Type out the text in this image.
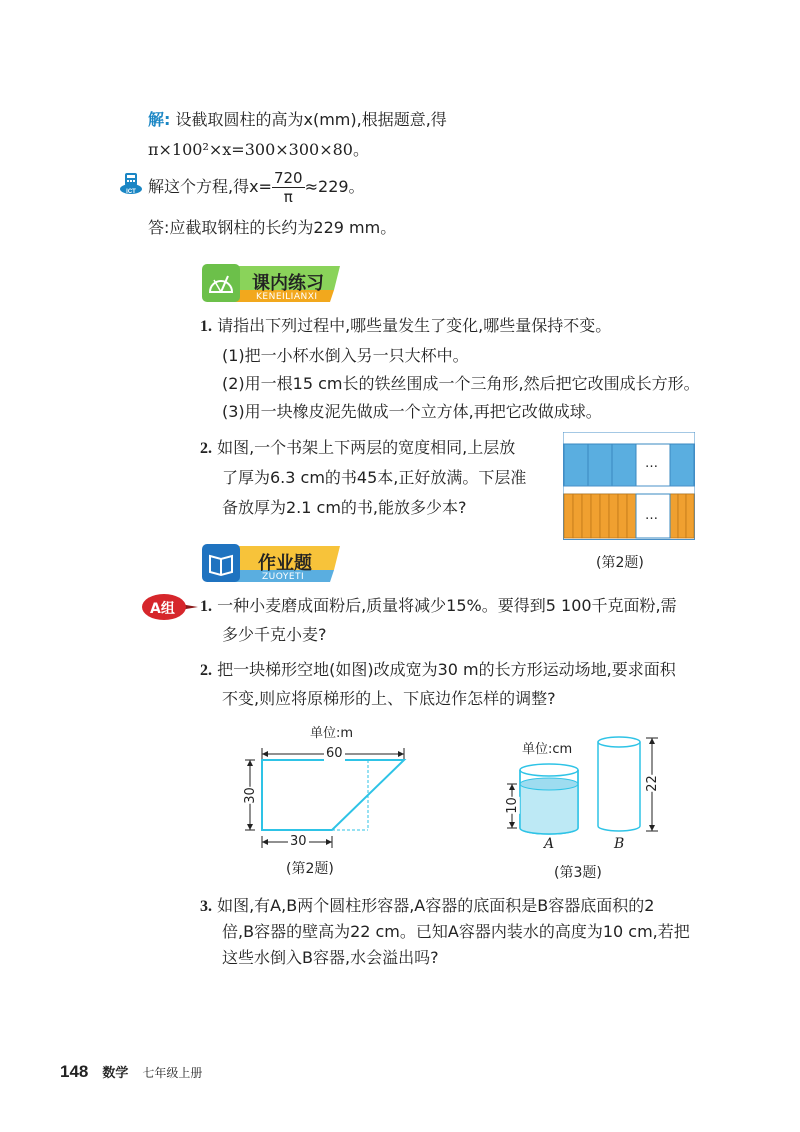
解: 设截取圆柱的高为x(mm),根据题意,得
π×100²×x=300×300×80。
ICT 解这个方程,得$x= \frac{720}{\pi} \approx 229$。
答:应截取钢柱的长约为229 mm。
课内练习
KENEILIANXI
1. 请指出下列过程中,哪些量发生了变化,哪些量保持不变。
(1)把一小杯水倒入另一只大杯中。
(2)用一根15 cm长的铁丝围成一个三角形,然后把它改围成长方形。
(3)用一块橡皮泥先做成一个立方体,再把它改做成球。
2. 如图,一个书架上下两层的宽度相同,上层放
了厚为6.3 cm的书45本,正好放满。下层准
备放厚为2.1 cm的书,能放多少本?
…
…
(第2题)
作业题
ZUOYETI
A组 1. 一种小麦磨成面粉后,质量将减少15%。要得到5 100千克面粉,需
多少千克小麦?
2. 把一块梯形空地(如图)改成宽为30 m的长方形运动场地,要求面积
不变,则应将原梯形的上、下底边作怎样的调整?
单位:m
60
30
30
(第2题)
单位:cm
10
22
A	B
(第3题)
3. 如图,有A,B两个圆柱形容器,A容器的底面积是B容器底面积的2
倍,B容器的壁高为22 cm。已知A容器内装水的高度为10 cm,若把
这些水倒入B容器,水会溢出吗?
148 数学 七年级上册
